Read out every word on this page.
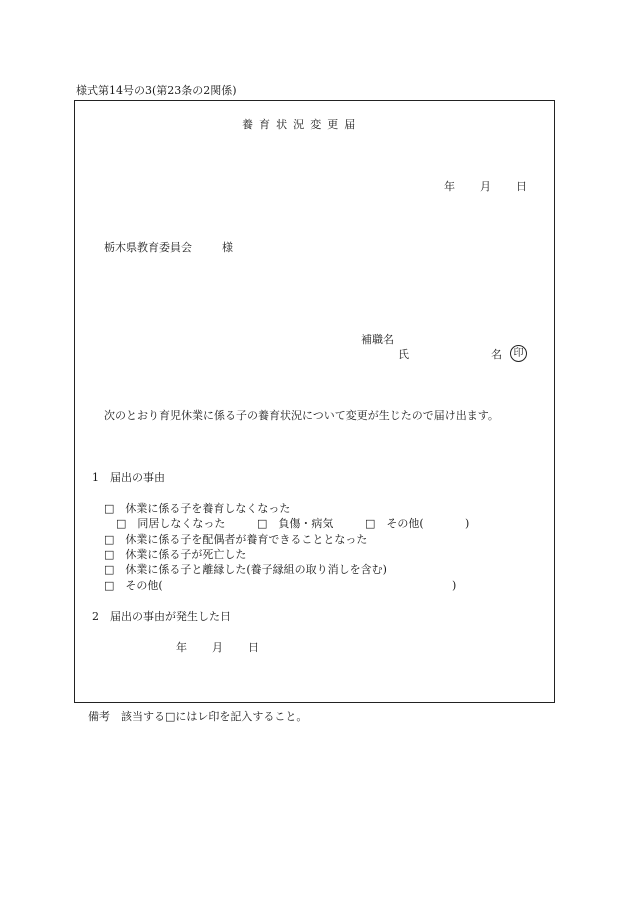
様式第14号の3(第23条の2関係)
養育状況変更届
年 月 日
栃木県教育委員会	様
補職名
氏	名	印
次のとおり育児休業に係る子の養育状況について変更が生じたので届け出ます。
1　届出の事由
□　休業に係る子を養育しなくなった
□　同居しなくなった	□　負傷・病気	□　その他(	)
□　休業に係る子を配偶者が養育できることとなった
□　休業に係る子が死亡した
□　休業に係る子と離縁した(養子縁組の取り消しを含む)
□　その他(	)
2　届出の事由が発生した日
年 月 日
備考　該当する□にはレ印を記入すること。
